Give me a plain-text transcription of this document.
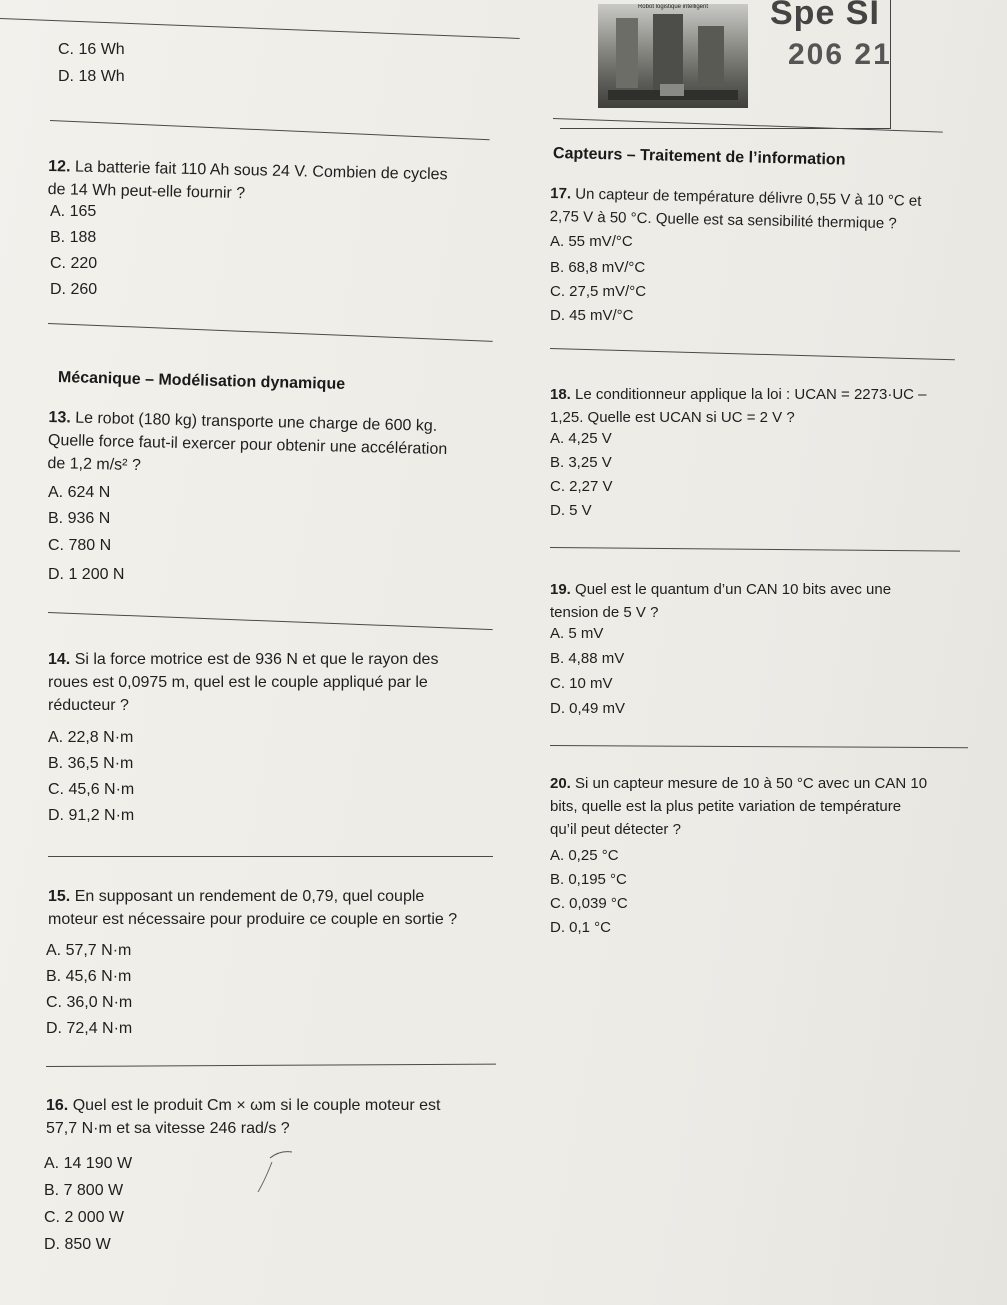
Robot logistique intelligent	Spe SI
206 21
C. 16 Wh
D. 18 Wh
12. La batterie fait 110 Ah sous 24 V. Combien de cycles
de 14 Wh peut-elle fournir ?
A. 165
B. 188
C. 220
D. 260
Mécanique – Modélisation dynamique
13. Le robot (180 kg) transporte une charge de 600 kg.
Quelle force faut-il exercer pour obtenir une accélération
de 1,2 m/s² ?
A. 624 N
B. 936 N
C. 780 N
D. 1 200 N
14. Si la force motrice est de 936 N et que le rayon des
roues est 0,0975 m, quel est le couple appliqué par le
réducteur ?
A. 22,8 N·m
B. 36,5 N·m
C. 45,6 N·m
D. 91,2 N·m
15. En supposant un rendement de 0,79, quel couple
moteur est nécessaire pour produire ce couple en sortie ?
A. 57,7 N·m
B. 45,6 N·m
C. 36,0 N·m
D. 72,4 N·m
16. Quel est le produit Cm × ωm si le couple moteur est
57,7 N·m et sa vitesse 246 rad/s ?
A. 14 190 W
B. 7 800 W
C. 2 000 W
D. 850 W
Capteurs – Traitement de l’information
17. Un capteur de température délivre 0,55 V à 10 °C et
2,75 V à 50 °C. Quelle est sa sensibilité thermique ?
A. 55 mV/°C
B. 68,8 mV/°C
C. 27,5 mV/°C
D. 45 mV/°C
18. Le conditionneur applique la loi : UCAN = 2273·UC –
1,25. Quelle est UCAN si UC = 2 V ?
A. 4,25 V
B. 3,25 V
C. 2,27 V
D. 5 V
19. Quel est le quantum d’un CAN 10 bits avec une
tension de 5 V ?
A. 5 mV
B. 4,88 mV
C. 10 mV
D. 0,49 mV
20. Si un capteur mesure de 10 à 50 °C avec un CAN 10
bits, quelle est la plus petite variation de température
qu’il peut détecter ?
A. 0,25 °C
B. 0,195 °C
C. 0,039 °C
D. 0,1 °C
